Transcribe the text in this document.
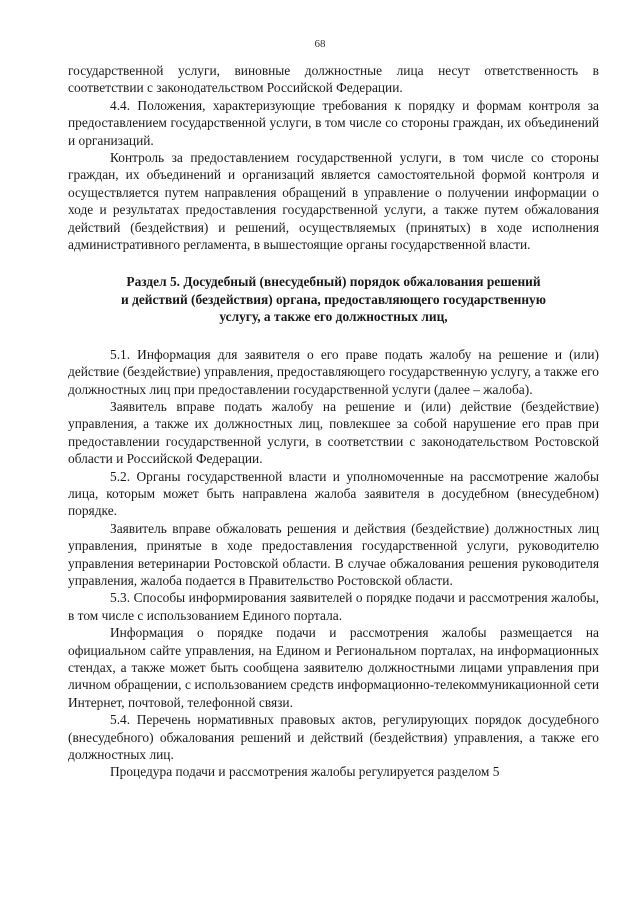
68

государственной услуги, виновные должностные лица несут ответственность в соответствии с законодательством Российской Федерации.

4.4. Положения, характеризующие требования к порядку и формам контроля за предоставлением государственной услуги, в том числе со стороны граждан, их объединений и организаций.

Контроль за предоставлением государственной услуги, в том числе со стороны граждан, их объединений и организаций является самостоятельной формой контроля и осуществляется путем направления обращений в управление о получении информации о ходе и результатах предоставления государственной услуги, а также путем обжалования действий (бездействия) и решений, осуществляемых (принятых) в ходе исполнения административного регламента, в вышестоящие органы государственной власти.

Раздел 5. Досудебный (внесудебный) порядок обжалования решений
и действий (бездействия) органа, предоставляющего государственную
услугу, а также его должностных лиц,

5.1. Информация для заявителя о его праве подать жалобу на решение и (или) действие (бездействие) управления, предоставляющего государственную услугу, а также его должностных лиц при предоставлении государственной услуги (далее – жалоба).

Заявитель вправе подать жалобу на решение и (или) действие (бездействие) управления, а также их должностных лиц, повлекшее за собой нарушение его прав при предоставлении государственной услуги, в соответствии с законодательством Ростовской области и Российской Федерации.

5.2. Органы государственной власти и уполномоченные на рассмотрение жалобы лица, которым может быть направлена жалоба заявителя в досудебном (внесудебном) порядке.

Заявитель вправе обжаловать решения и действия (бездействие) должностных лиц управления, принятые в ходе предоставления государственной услуги, руководителю управления ветеринарии Ростовской области. В случае обжалования решения руководителя управления, жалоба подается в Правительство Ростовской области.

5.3. Способы информирования заявителей о порядке подачи и рассмотрения жалобы, в том числе с использованием Единого портала.

Информация о порядке подачи и рассмотрения жалобы размещается на официальном сайте управления, на Едином и Региональном порталах, на информационных стендах, а также может быть сообщена заявителю должностными лицами управления при личном обращении, с использованием средств информационно-телекоммуникационной сети Интернет, почтовой, телефонной связи.

5.4. Перечень нормативных правовых актов, регулирующих порядок досудебного (внесудебного) обжалования решений и действий (бездействия) управления, а также его должностных лиц.

Процедура подачи и рассмотрения жалобы регулируется разделом 5
